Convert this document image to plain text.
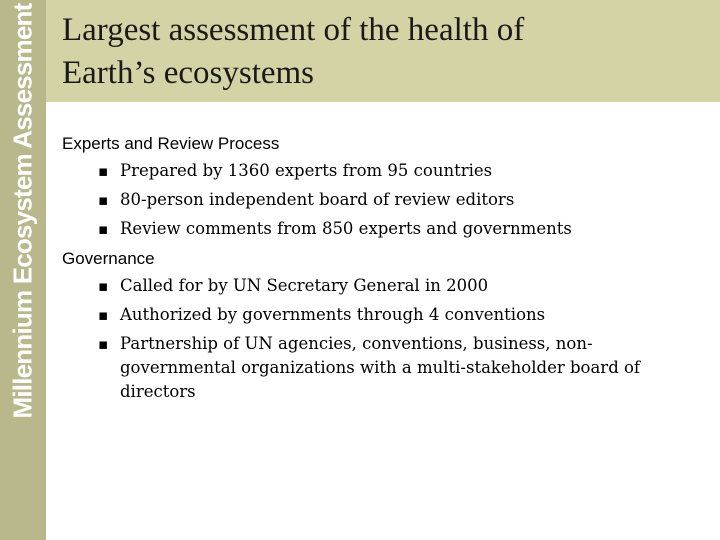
Millennium Ecosystem Assessment Largest assessment of the health of
Earth’s ecosystems
Experts and Review Process
▪ Prepared by 1360 experts from 95 countries
▪ 80-person independent board of review editors
▪ Review comments from 850 experts and governments
Governance
▪ Called for by UN Secretary General in 2000
▪ Authorized by governments through 4 conventions
▪ Partnership of UN agencies, conventions, business, non-governmental organizations with a multi-stakeholder board of directors
